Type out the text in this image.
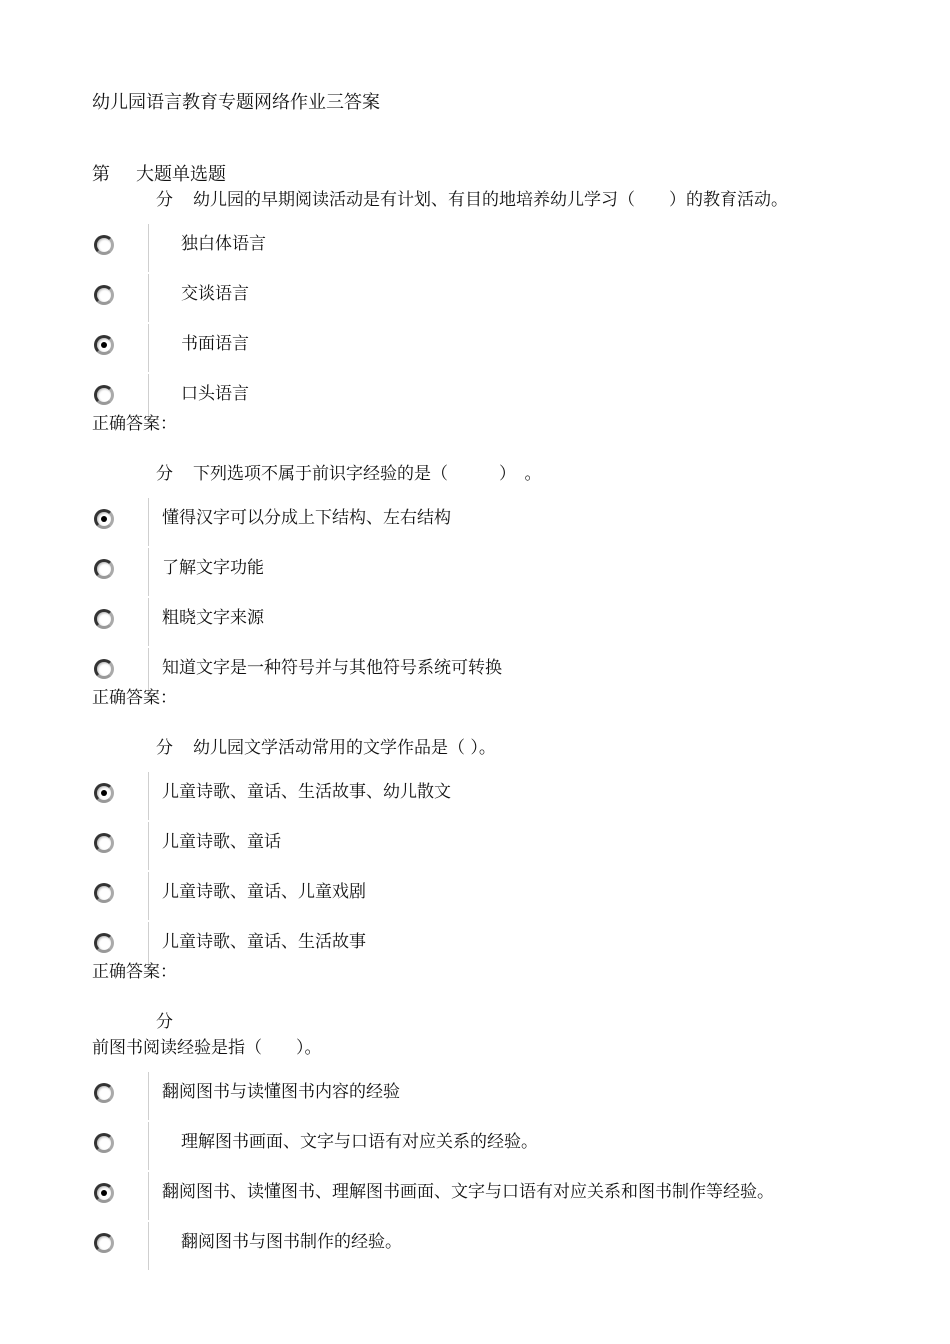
幼儿园语言教育专题网络作业三答案
第 大题单选题
分 幼儿园的早期阅读活动是有计划、有目的地培养幼儿学习（　　）的教育活动。
独白体语言
交谈语言
书面语言
口头语言
正确答案：
分 下列选项不属于前识字经验的是（　　　）　。
懂得汉字可以分成上下结构、左右结构
了解文字功能
粗晓文字来源
知道文字是一种符号并与其他符号系统可转换
正确答案：
分 幼儿园文学活动常用的文学作品是（ ）。
儿童诗歌、童话、生活故事、幼儿散文
儿童诗歌、童话
儿童诗歌、童话、儿童戏剧
儿童诗歌、童话、生活故事
正确答案：
分
前图书阅读经验是指（　　）。
翻阅图书与读懂图书内容的经验
理解图书画面、文字与口语有对应关系的经验。
翻阅图书、读懂图书、理解图书画面、文字与口语有对应关系和图书制作等经验。
翻阅图书与图书制作的经验。
